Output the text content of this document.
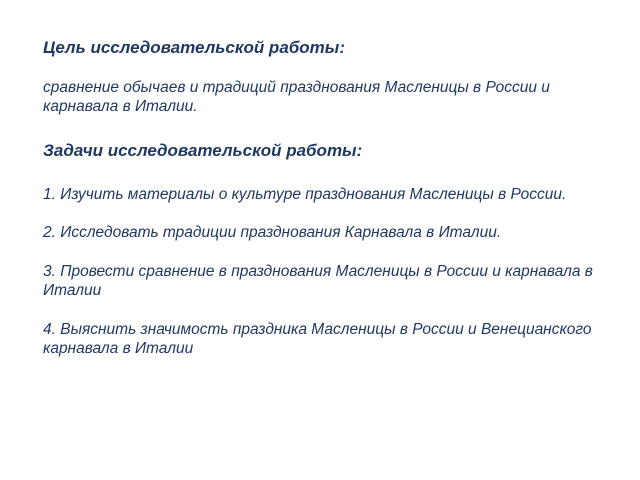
Цель исследовательской работы:

сравнение обычаев и традиций празднования Масленицы в России и карнавала в Италии.

Задачи исследовательской работы:

1. Изучить материалы о культуре празднования Масленицы в России.

2. Исследовать традиции празднования Карнавала в Италии.

3. Провести сравнение в празднования Масленицы в России и карнавала в Италии

4. Выяснить значимость праздника Масленицы в России и Венецианского карнавала в Италии
